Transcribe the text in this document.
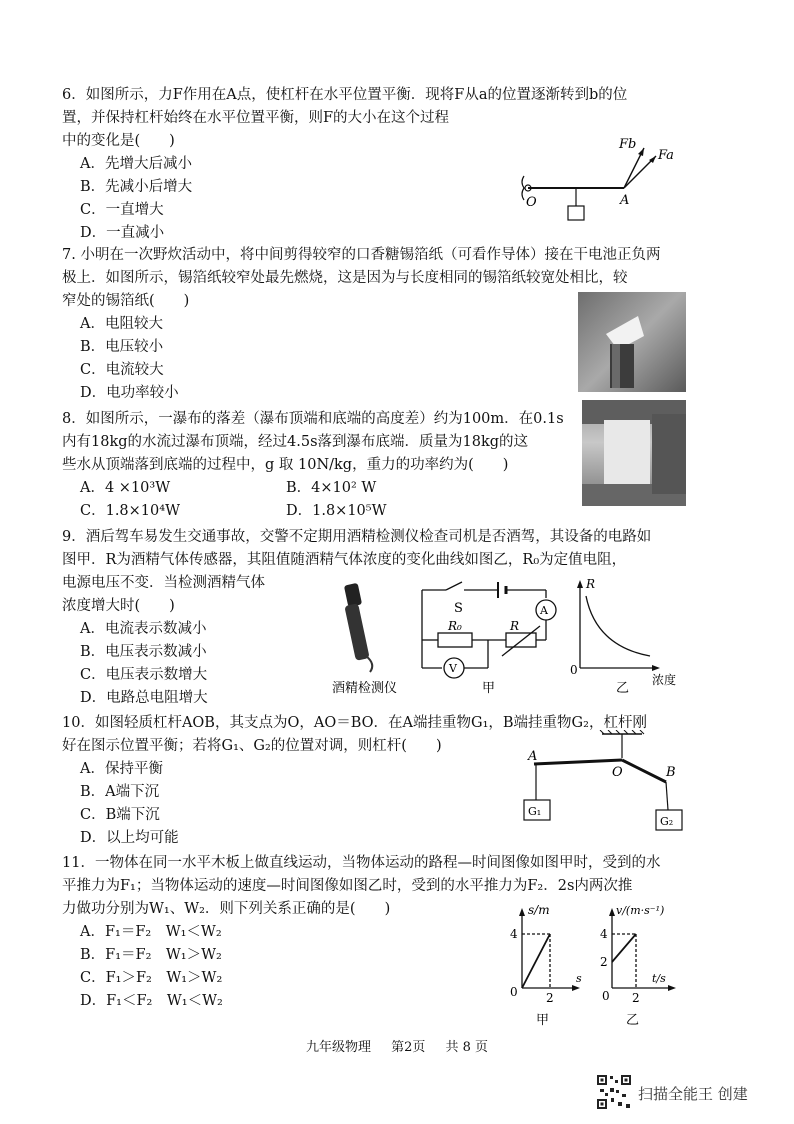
6．如图所示，力F作用在A点，使杠杆在水平位置平衡．现将F从a的位置逐渐转到b的位
置，并保持杠杆始终在水平位置平衡，则F的大小在这个过程
中的变化是(　　)
A．先增大后减小
B．先减小后增大
C．一直增大
D．一直减小
Fb
Fa
O	A
7. 小明在一次野炊活动中，将中间剪得较窄的口香糖锡箔纸（可看作导体）接在干电池正负两
极上．如图所示，锡箔纸较窄处最先燃烧，这是因为与长度相同的锡箔纸较宽处相比，较
窄处的锡箔纸(　　)
A．电阻较大
B．电压较小
C．电流较大
D．电功率较小
8．如图所示，一瀑布的落差（瀑布顶端和底端的高度差）约为100m．在0.1s
内有18kg的水流过瀑布顶端，经过4.5s落到瀑布底端．质量为18kg的这
些水从顶端落到底端的过程中，g 取 10N/kg，重力的功率约为(　　)
A．4 ×10³W	B．4×10² W
C．1.8×10⁴W	D．1.8×10⁵W
9．酒后驾车易发生交通事故，交警不定期用酒精检测仪检查司机是否酒驾，其设备的电路如
图甲．R为酒精气体传感器，其阻值随酒精气体浓度的变化曲线如图乙，R₀为定值电阻，
电源电压不变．当检测酒精气体
浓度增大时(　　)
A．电流表示数减小
B．电压表示数减小
C．电压表示数增大
D．电路总电阻增大
酒精检测仪
S	A
R₀	R
V
甲
R
0
浓度
乙
10．如图轻质杠杆AOB，其支点为O，AO＝BO．在A端挂重物G₁，B端挂重物G₂，杠杆刚
好在图示位置平衡；若将G₁、G₂的位置对调，则杠杆(　　)
A．保持平衡
B．A端下沉
C．B端下沉
D．以上均可能
A
O	B
G₁
G₂
11．一物体在同一水平木板上做直线运动，当物体运动的路程—时间图像如图甲时，受到的水
平推力为F₁；当物体运动的速度—时间图像如图乙时，受到的水平推力为F₂．2s内两次推
力做功分别为W₁、W₂．则下列关系正确的是(　　)
A．F₁＝F₂　W₁＜W₂
B．F₁＝F₂　W₁＞W₂
C．F₁＞F₂　W₁＞W₂
D．F₁＜F₂　W₁＜W₂
s/m
4
0 2
s
甲
v/(m·s⁻¹)
4
2
0 2
t/s
乙
九年级物理 第2页 共 8 页
扫描全能王 创建
